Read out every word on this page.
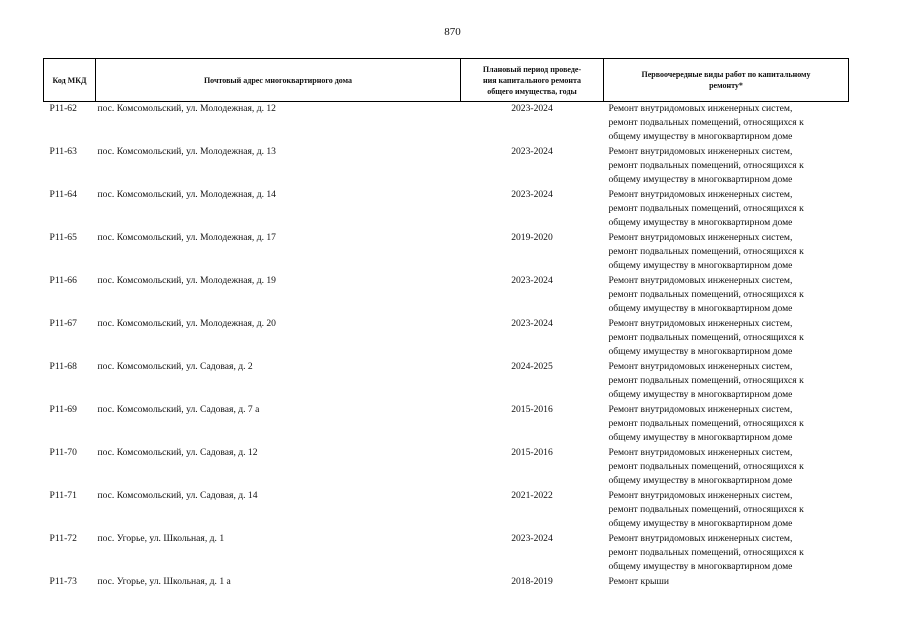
870
Код МКД	Почтовый адрес многоквартирного дома	Плановый период проведе-
ния капитального ремонта
общего имущества, годы	Первоочередные виды работ по капитальному
ремонту*

Р11-62	пос. Комсомольский, ул. Молодежная, д. 12	2023-2024	Ремонт внутридомовых инженерных систем,
ремонт подвальных помещений, относящихся к
общему имуществу в многоквартирном доме

Р11-63	пос. Комсомольский, ул. Молодежная, д. 13	2023-2024	Ремонт внутридомовых инженерных систем,
ремонт подвальных помещений, относящихся к
общему имуществу в многоквартирном доме

Р11-64	пос. Комсомольский, ул. Молодежная, д. 14	2023-2024	Ремонт внутридомовых инженерных систем,
ремонт подвальных помещений, относящихся к
общему имуществу в многоквартирном доме

Р11-65	пос. Комсомольский, ул. Молодежная, д. 17	2019-2020	Ремонт внутридомовых инженерных систем,
ремонт подвальных помещений, относящихся к
общему имуществу в многоквартирном доме

Р11-66	пос. Комсомольский, ул. Молодежная, д. 19	2023-2024	Ремонт внутридомовых инженерных систем,
ремонт подвальных помещений, относящихся к
общему имуществу в многоквартирном доме

Р11-67	пос. Комсомольский, ул. Молодежная, д. 20	2023-2024	Ремонт внутридомовых инженерных систем,
ремонт подвальных помещений, относящихся к
общему имуществу в многоквартирном доме

Р11-68	пос. Комсомольский, ул. Садовая, д. 2	2024-2025	Ремонт внутридомовых инженерных систем,
ремонт подвальных помещений, относящихся к
общему имуществу в многоквартирном доме

Р11-69	пос. Комсомольский, ул. Садовая, д. 7 а	2015-2016	Ремонт внутридомовых инженерных систем,
ремонт подвальных помещений, относящихся к
общему имуществу в многоквартирном доме

Р11-70	пос. Комсомольский, ул. Садовая, д. 12	2015-2016	Ремонт внутридомовых инженерных систем,
ремонт подвальных помещений, относящихся к
общему имуществу в многоквартирном доме

Р11-71	пос. Комсомольский, ул. Садовая, д. 14	2021-2022	Ремонт внутридомовых инженерных систем,
ремонт подвальных помещений, относящихся к
общему имуществу в многоквартирном доме

Р11-72	пос. Угорье, ул. Школьная, д. 1	2023-2024	Ремонт внутридомовых инженерных систем,
ремонт подвальных помещений, относящихся к
общему имуществу в многоквартирном доме

Р11-73	пос. Угорье, ул. Школьная, д. 1 а	2018-2019	Ремонт крыши
